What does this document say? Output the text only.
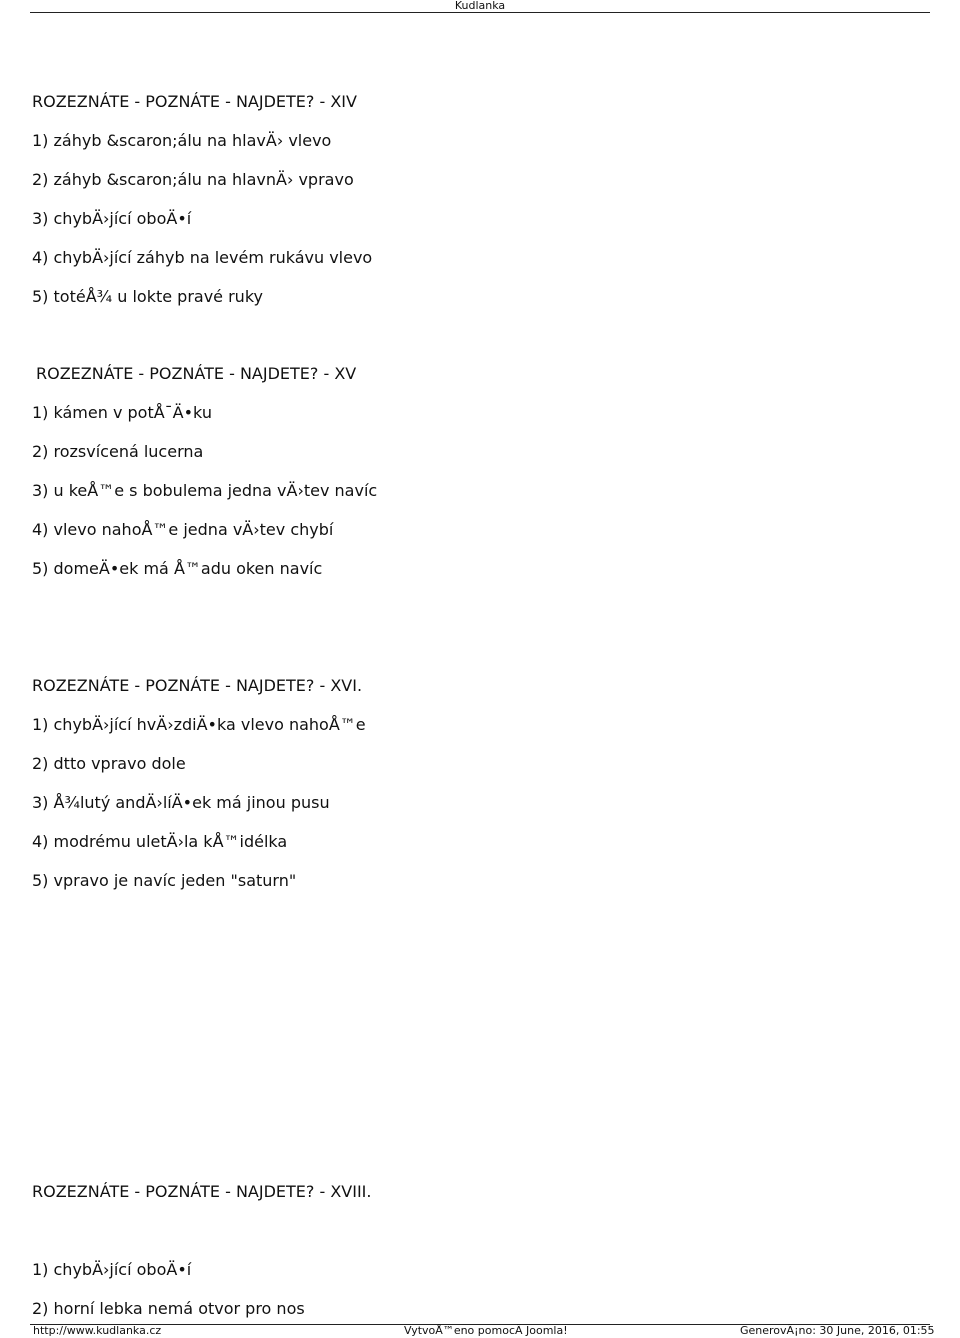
Kudlanka
ROZEZNÁTE - POZNÁTE - NAJDETE? - XIV
1) záhyb &scaron;álu na hlavÄ› vlevo
2) záhyb &scaron;álu na hlavnÄ› vpravo
3) chybÄ›jící oboÄ•í
4) chybÄ›jící záhyb na levém rukávu vlevo
5) totéÅ¾ u lokte pravé ruky
ROZEZNÁTE - POZNÁTE - NAJDETE? - XV
1) kámen v potÅ¯Ä•ku
2) rozsvícená lucerna
3) u keÅ™e s bobulema jedna vÄ›tev navíc
4) vlevo nahoÅ™e jedna vÄ›tev chybí
5) domeÄ•ek má Å™adu oken navíc
ROZEZNÁTE - POZNÁTE - NAJDETE? - XVI.
1) chybÄ›jící hvÄ›zdiÄ•ka vlevo nahoÅ™e
2) dtto vpravo dole
3) Å¾lutý andÄ›líÄ•ek má jinou pusu
4) modrému uletÄ›la kÅ™idélka
5) vpravo je navíc jeden "saturn"
ROZEZNÁTE - POZNÁTE - NAJDETE? - XVIII.
1) chybÄ›jící oboÄ•í
2) horní lebka nemá otvor pro nos
http://www.kudlanka.cz	VytvoÅ™eno pomocÃ Joomla!	GenerovÃ¡no: 30 June, 2016, 01:55
